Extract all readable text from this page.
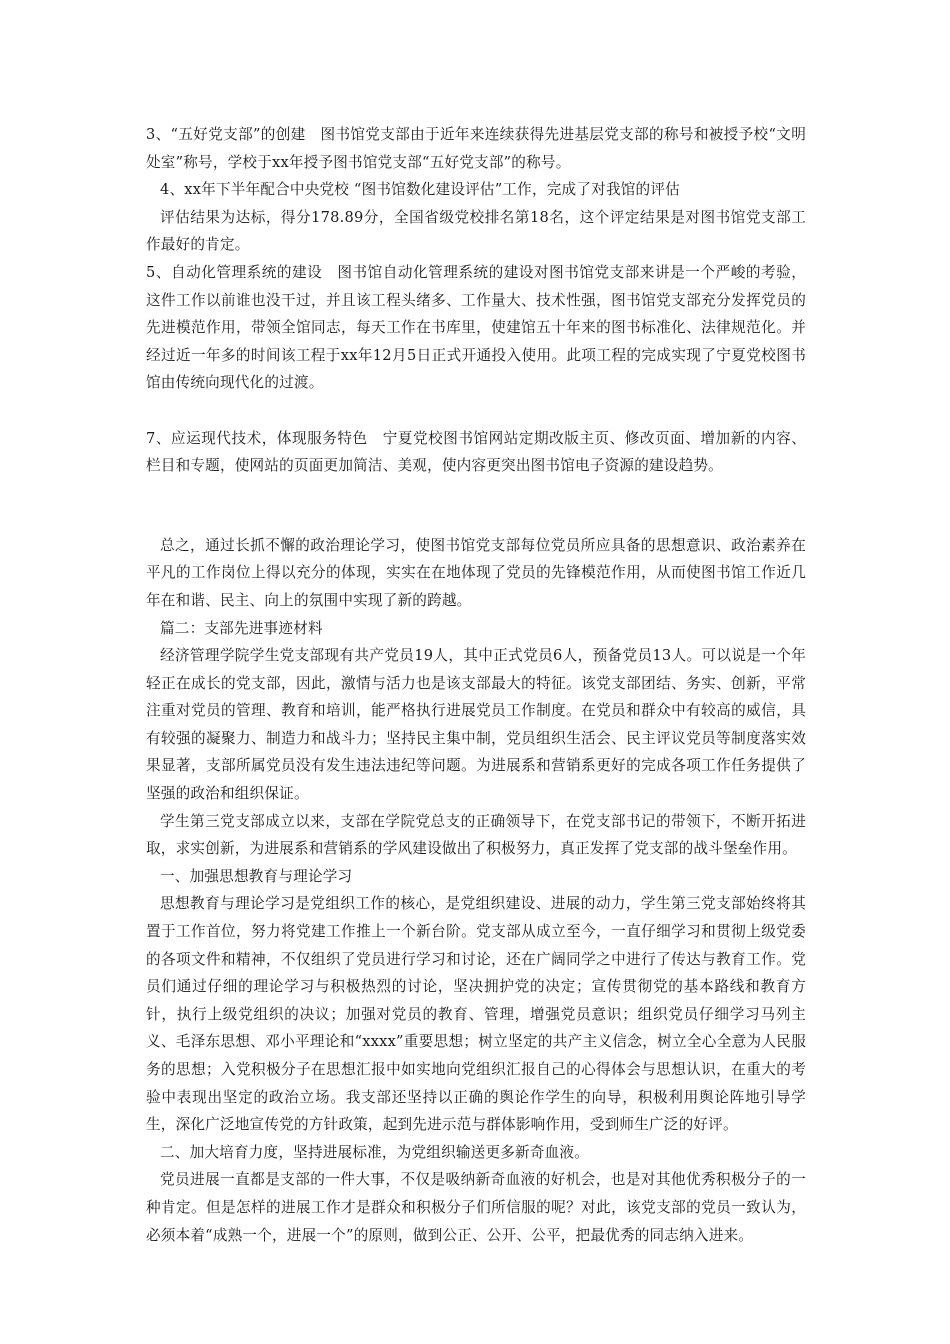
3、“五好党支部”的创建　图书馆党支部由于近年来连续获得先进基层党支部的称号和被授予校“文明处室”称号，学校于xx年授予图书馆党支部“五好党支部”的称号。

4、xx年下半年配合中央党校 “图书馆数化建设评估”工作，完成了对我馆的评估

评估结果为达标，得分178.89分，全国省级党校排名第18名，这个评定结果是对图书馆党支部工作最好的肯定。

5、自动化管理系统的建设　图书馆自动化管理系统的建设对图书馆党支部来讲是一个严峻的考验，这件工作以前谁也没干过，并且该工程头绪多、工作量大、技术性强，图书馆党支部充分发挥党员的先进模范作用，带领全馆同志，每天工作在书库里，使建馆五十年来的图书标准化、法律规范化。并经过近一年多的时间该工程于xx年12月5日正式开通投入使用。此项工程的完成实现了宁夏党校图书馆由传统向现代化的过渡。

7、应运现代技术，体现服务特色　宁夏党校图书馆网站定期改版主页、修改页面、增加新的内容、栏目和专题，使网站的页面更加简洁、美观，使内容更突出图书馆电子资源的建设趋势。

总之，通过长抓不懈的政治理论学习，使图书馆党支部每位党员所应具备的思想意识、政治素养在平凡的工作岗位上得以充分的体现，实实在在地体现了党员的先锋模范作用，从而使图书馆工作近几年在和谐、民主、向上的氛围中实现了新的跨越。

篇二：支部先进事迹材料

经济管理学院学生党支部现有共产党员19人，其中正式党员6人，预备党员13人。可以说是一个年轻正在成长的党支部，因此，激情与活力也是该支部最大的特征。该党支部团结、务实、创新，平常注重对党员的管理、教育和培训，能严格执行进展党员工作制度。在党员和群众中有较高的威信，具有较强的凝聚力、制造力和战斗力；坚持民主集中制，党员组织生活会、民主评议党员等制度落实效果显著，支部所属党员没有发生违法违纪等问题。为进展系和营销系更好的完成各项工作任务提供了坚强的政治和组织保证。

学生第三党支部成立以来，支部在学院党总支的正确领导下，在党支部书记的带领下，不断开拓进取，求实创新，为进展系和营销系的学风建设做出了积极努力，真正发挥了党支部的战斗堡垒作用。

一、加强思想教育与理论学习

思想教育与理论学习是党组织工作的核心，是党组织建设、进展的动力，学生第三党支部始终将其置于工作首位，努力将党建工作推上一个新台阶。党支部从成立至今，一直仔细学习和贯彻上级党委的各项文件和精神，不仅组织了党员进行学习和讨论，还在广阔同学之中进行了传达与教育工作。党员们通过仔细的理论学习与积极热烈的讨论，坚决拥护党的决定；宣传贯彻党的基本路线和教育方针，执行上级党组织的决议；加强对党员的教育、管理，增强党员意识；组织党员仔细学习马列主义、毛泽东思想、邓小平理论和“xxxx”重要思想；树立坚定的共产主义信念，树立全心全意为人民服务的思想；入党积极分子在思想汇报中如实地向党组织汇报自己的心得体会与思想认识，在重大的考验中表现出坚定的政治立场。我支部还坚持以正确的舆论作学生的向导，积极利用舆论阵地引导学生，深化广泛地宣传党的方针政策，起到先进示范与群体影响作用，受到师生广泛的好评。

二、加大培育力度，坚持进展标准，为党组织输送更多新奇血液。

党员进展一直都是支部的一件大事，不仅是吸纳新奇血液的好机会，也是对其他优秀积极分子的一种肯定。但是怎样的进展工作才是群众和积极分子们所信服的呢？对此，该党支部的党员一致认为，必须本着“成熟一个，进展一个”的原则，做到公正、公开、公平，把最优秀的同志纳入进来。
